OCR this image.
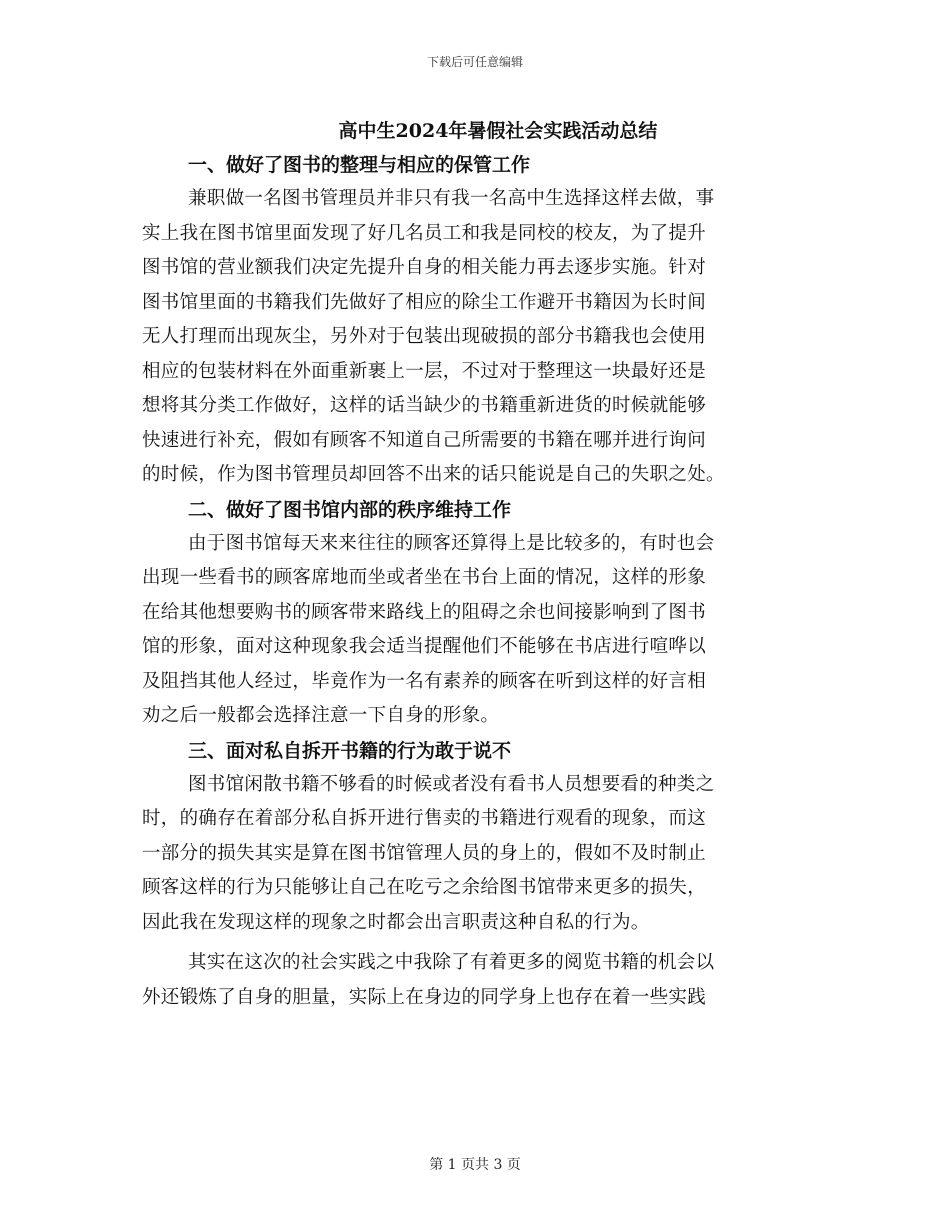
下载后可任意编辑
高中生2024年暑假社会实践活动总结
一、做好了图书的整理与相应的保管工作
兼职做一名图书管理员并非只有我一名高中生选择这样去做，事
实上我在图书馆里面发现了好几名员工和我是同校的校友，为了提升
图书馆的营业额我们决定先提升自身的相关能力再去逐步实施。针对
图书馆里面的书籍我们先做好了相应的除尘工作避开书籍因为长时间
无人打理而出现灰尘，另外对于包装出现破损的部分书籍我也会使用
相应的包装材料在外面重新裹上一层，不过对于整理这一块最好还是
想将其分类工作做好，这样的话当缺少的书籍重新进货的时候就能够
快速进行补充，假如有顾客不知道自己所需要的书籍在哪并进行询问
的时候，作为图书管理员却回答不出来的话只能说是自己的失职之处。
二、做好了图书馆内部的秩序维持工作
由于图书馆每天来来往往的顾客还算得上是比较多的，有时也会
出现一些看书的顾客席地而坐或者坐在书台上面的情况，这样的形象
在给其他想要购书的顾客带来路线上的阻碍之余也间接影响到了图书
馆的形象，面对这种现象我会适当提醒他们不能够在书店进行喧哗以
及阻挡其他人经过，毕竟作为一名有素养的顾客在听到这样的好言相
劝之后一般都会选择注意一下自身的形象。
三、面对私自拆开书籍的行为敢于说不
图书馆闲散书籍不够看的时候或者没有看书人员想要看的种类之
时，的确存在着部分私自拆开进行售卖的书籍进行观看的现象，而这
一部分的损失其实是算在图书馆管理人员的身上的，假如不及时制止
顾客这样的行为只能够让自己在吃亏之余给图书馆带来更多的损失，
因此我在发现这样的现象之时都会出言职责这种自私的行为。
其实在这次的社会实践之中我除了有着更多的阅览书籍的机会以
外还锻炼了自身的胆量，实际上在身边的同学身上也存在着一些实践
第 1 页共 3 页
